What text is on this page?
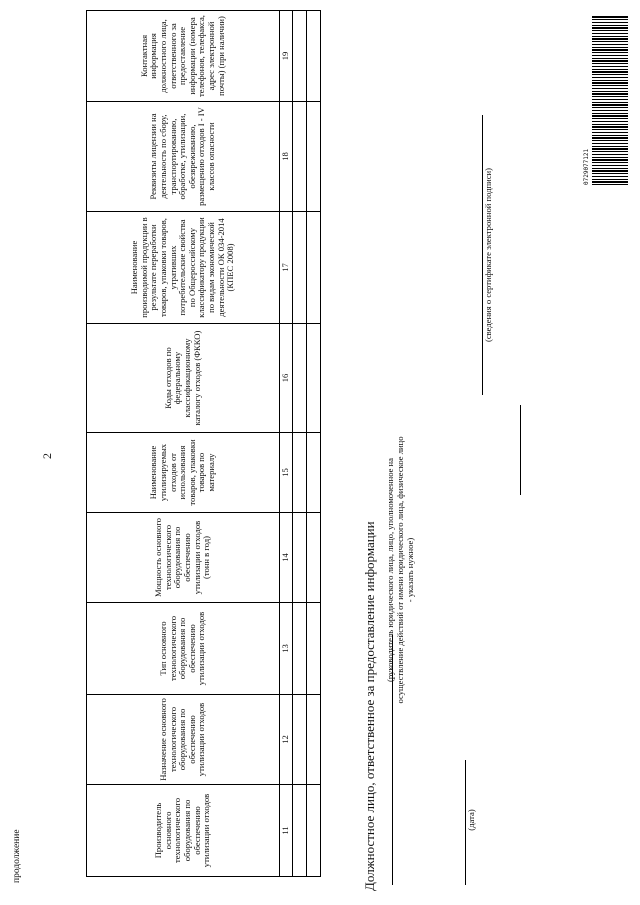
продолжение
2
0729077121
Производитель основного технологического оборудования по обеспечению утилизации отходов	Назначение основного технологического оборудования по обеспечению утилизации отходов	Тип основного технологического оборудования по обеспечению утилизации отходов	Мощность основного технологического оборудования по обеспечению утилизации отходов (тонн в год)	Наименование утилизируемых отходов от использования товаров, упаковки товаров по материалу	Коды отходов по федеральному классификационному каталогу отходов (ФККО)	Наименование производимой продукции в результате переработки товаров, упаковки товаров, утративших потребительские свойства по Общероссийскому классификатору продукции по видам экономической деятельности ОК 034-2014 (КПЕС 2008)	Реквизиты лицензии на деятельность по сбору, транспортированию, обработке, утилизации, обезвреживанию, размещению отходов I - IV классов опасности	Контактная информация должностного лица, ответственного за предоставление информации (номера телефонов, телефакса, адрес электронной почты) (при наличии)
11	12	13	14	15	16	17	18	19

Должностное лицо, ответственное за предоставление информации (руководитель юридического лица, лицо, уполномоченное на осуществление действий от имени юридического лица, физическое лицо - указать нужное)
(дата)
(сведения о сертификате электронной подписи)
